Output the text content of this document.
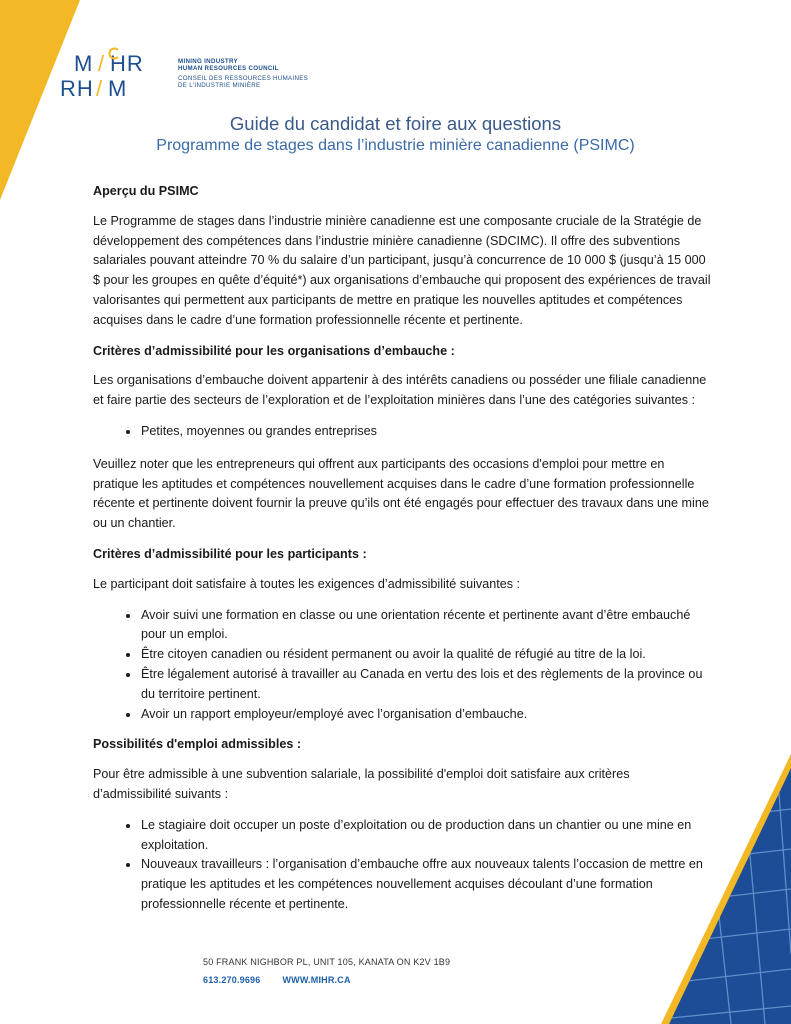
M / HR
RH / M
MINING INDUSTRY
HUMAN RESOURCES COUNCIL
CONSEIL DES RESSOURCES HUMAINES
DE L'INDUSTRIE MINIÈRE
Guide du candidat et foire aux questions
Programme de stages dans l’industrie minière canadienne (PSIMC)
Aperçu du PSIMC

Le Programme de stages dans l’industrie minière canadienne est une composante cruciale de la Stratégie de développement des compétences dans l’industrie minière canadienne (SDCIMC). Il offre des subventions salariales pouvant atteindre 70 % du salaire d’un participant, jusqu’à concurrence de 10 000 $ (jusqu’à 15 000 $ pour les groupes en quête d’équité*) aux organisations d’embauche qui proposent des expériences de travail valorisantes qui permettent aux participants de mettre en pratique les nouvelles aptitudes et compétences acquises dans le cadre d’une formation professionnelle récente et pertinente.

Critères d’admissibilité pour les organisations d’embauche :

Les organisations d’embauche doivent appartenir à des intérêts canadiens ou posséder une filiale canadienne et faire partie des secteurs de l’exploration et de l’exploitation minières dans l’une des catégories suivantes :

• Petites, moyennes ou grandes entreprises

Veuillez noter que les entrepreneurs qui offrent aux participants des occasions d'emploi pour mettre en pratique les aptitudes et compétences nouvellement acquises dans le cadre d’une formation professionnelle récente et pertinente doivent fournir la preuve qu’ils ont été engagés pour effectuer des travaux dans une mine ou un chantier.

Critères d’admissibilité pour les participants :

Le participant doit satisfaire à toutes les exigences d’admissibilité suivantes :

• Avoir suivi une formation en classe ou une orientation récente et pertinente avant d’être embauché pour un emploi.
• Être citoyen canadien ou résident permanent ou avoir la qualité de réfugié au titre de la loi.
• Être légalement autorisé à travailler au Canada en vertu des lois et des règlements de la province ou du territoire pertinent.
• Avoir un rapport employeur/employé avec l’organisation d’embauche.
Possibilités d'emploi admissibles :

Pour être admissible à une subvention salariale, la possibilité d'emploi doit satisfaire aux critères d’admissibilité suivants :

• Le stagiaire doit occuper un poste d’exploitation ou de production dans un chantier ou une mine en exploitation.
• Nouveaux travailleurs : l’organisation d’embauche offre aux nouveaux talents l’occasion de mettre en pratique les aptitudes et les compétences nouvellement acquises découlant d’une formation professionnelle récente et pertinente.
50 FRANK NIGHBOR PL, UNIT 105, KANATA ON K2V 1B9
613.270.9696 WWW.MIHR.CA
